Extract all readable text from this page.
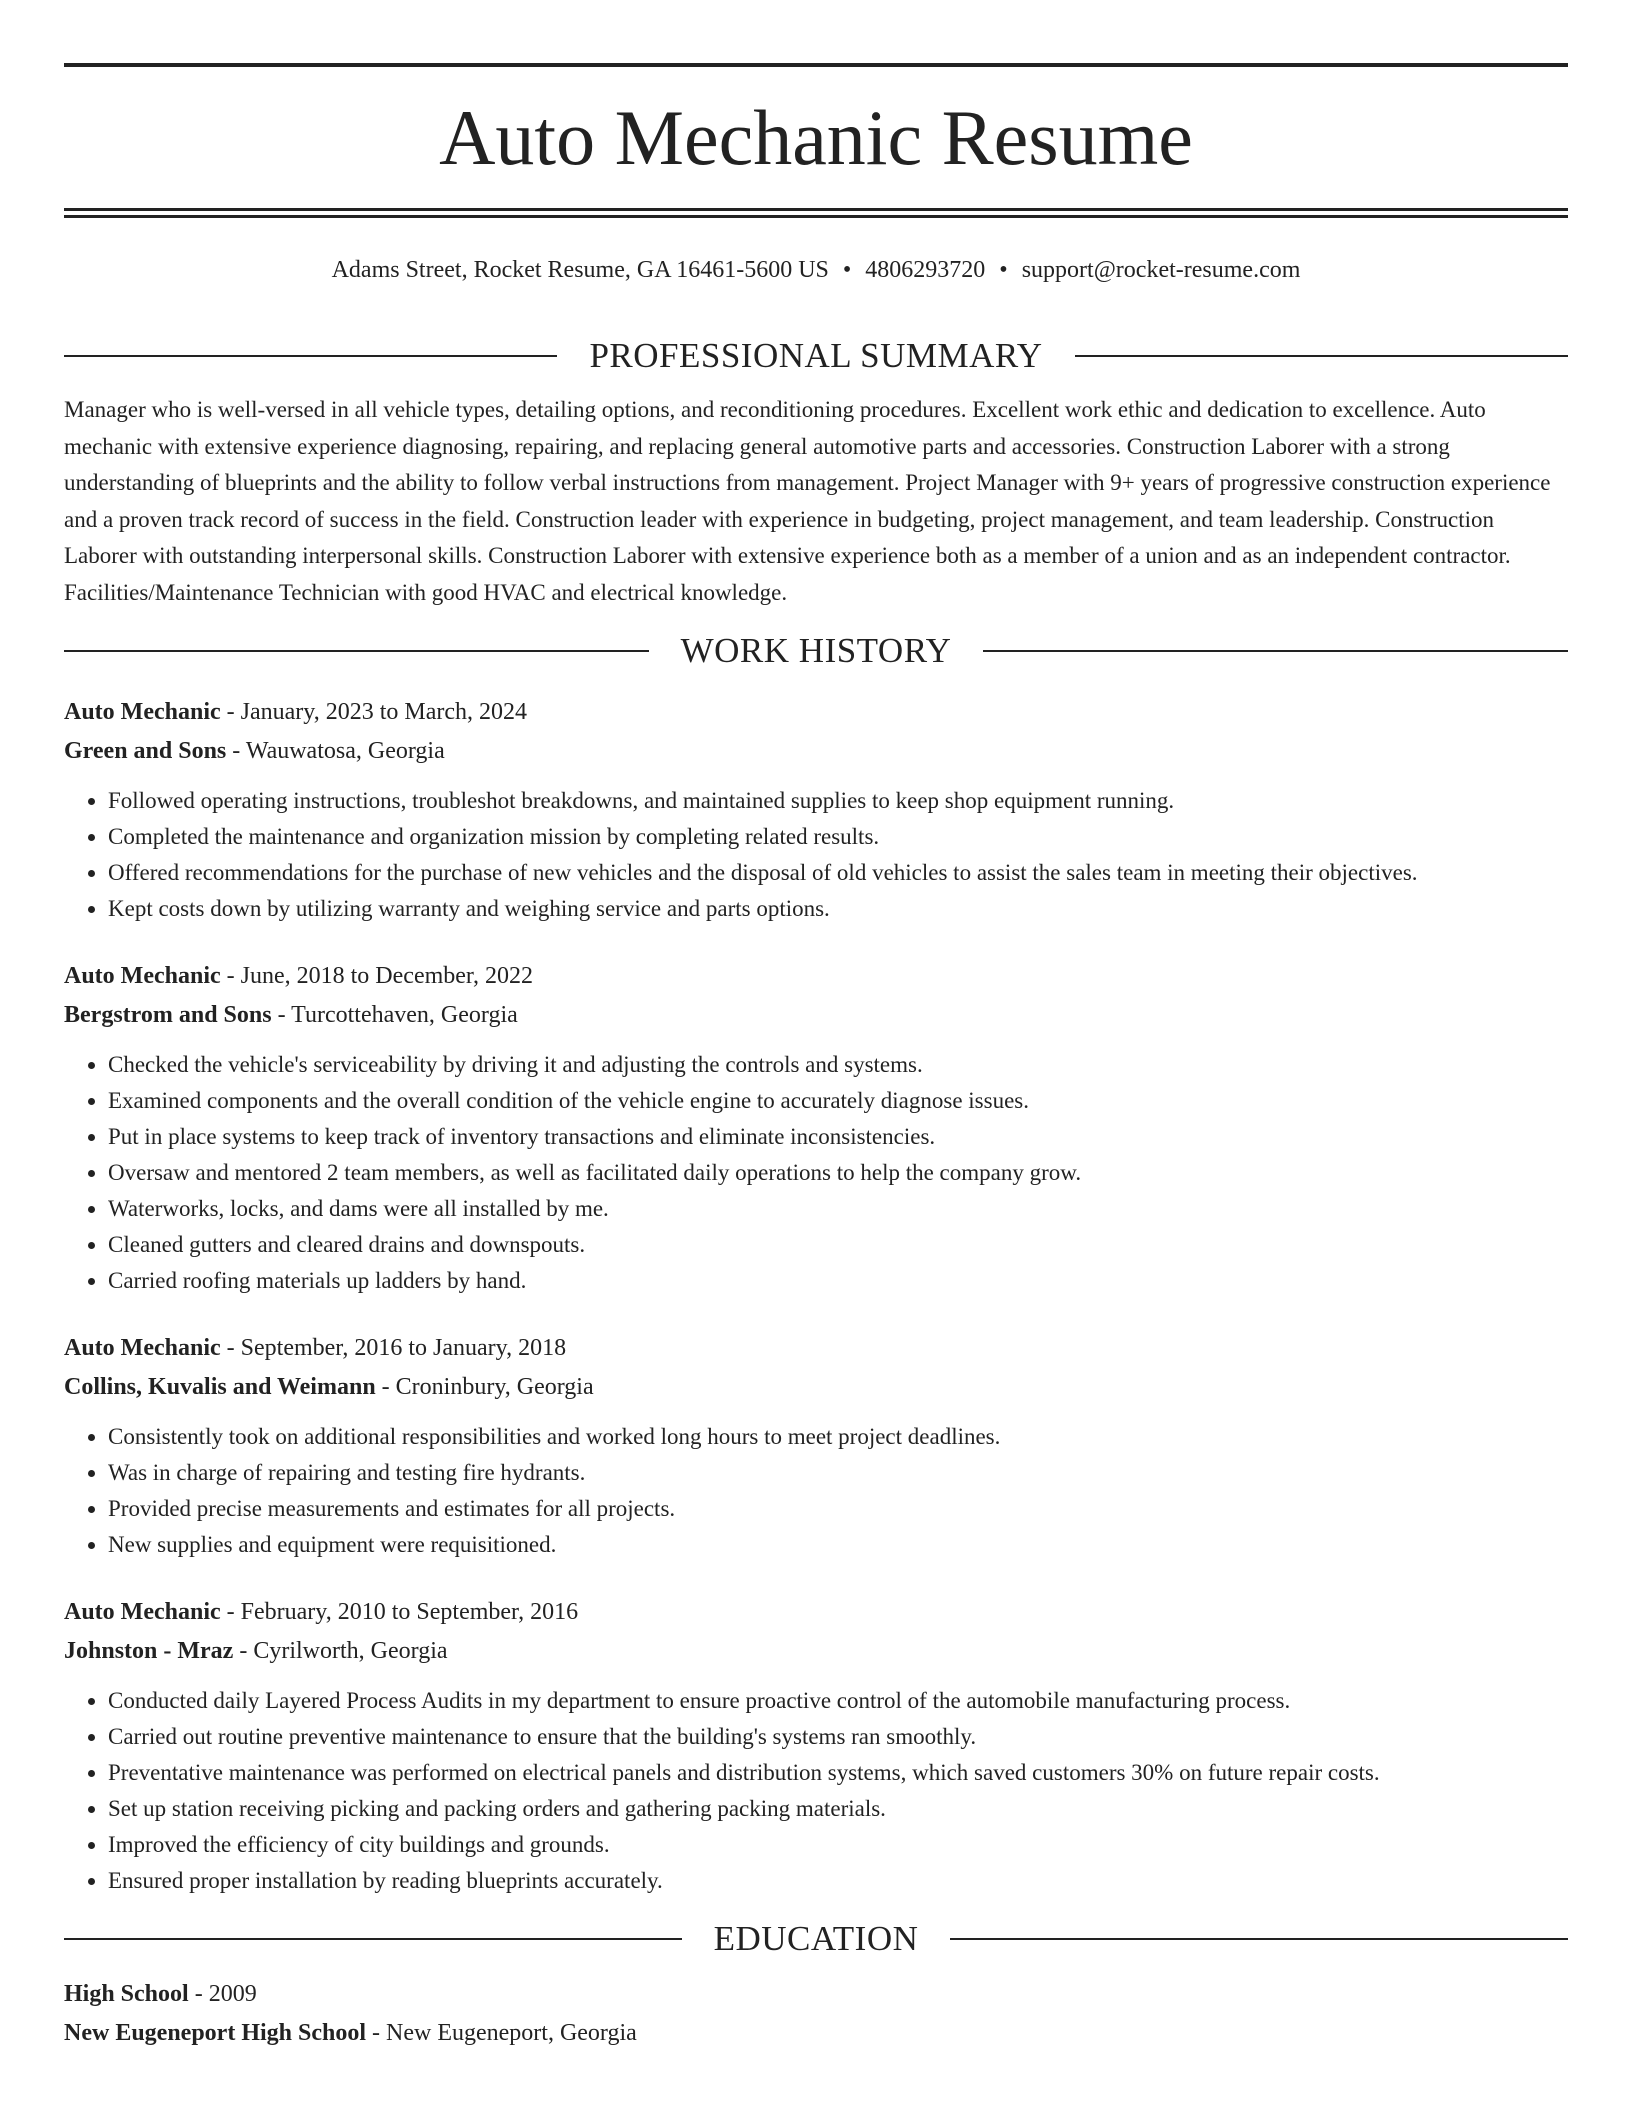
Auto Mechanic Resume
Adams Street, Rocket Resume, GA 16461-5600 US • 4806293720 • support@rocket-resume.com
PROFESSIONAL SUMMARY

Manager who is well-versed in all vehicle types, detailing options, and reconditioning procedures. Excellent work ethic and dedication to excellence. Auto mechanic with extensive experience diagnosing, repairing, and replacing general automotive parts and accessories. Construction Laborer with a strong understanding of blueprints and the ability to follow verbal instructions from management. Project Manager with 9+ years of progressive construction experience and a proven track record of success in the field. Construction leader with experience in budgeting, project management, and team leadership. Construction Laborer with outstanding interpersonal skills. Construction Laborer with extensive experience both as a member of a union and as an independent contractor. Facilities/Maintenance Technician with good HVAC and electrical knowledge.

WORK HISTORY
Auto Mechanic - January, 2023 to March, 2024
Green and Sons - Wauwatosa, Georgia
• Followed operating instructions, troubleshot breakdowns, and maintained supplies to keep shop equipment running.
• Completed the maintenance and organization mission by completing related results.
• Offered recommendations for the purchase of new vehicles and the disposal of old vehicles to assist the sales team in meeting their objectives.
• Kept costs down by utilizing warranty and weighing service and parts options.
Auto Mechanic - June, 2018 to December, 2022
Bergstrom and Sons - Turcottehaven, Georgia
• Checked the vehicle's serviceability by driving it and adjusting the controls and systems.
• Examined components and the overall condition of the vehicle engine to accurately diagnose issues.
• Put in place systems to keep track of inventory transactions and eliminate inconsistencies.
• Oversaw and mentored 2 team members, as well as facilitated daily operations to help the company grow.
• Waterworks, locks, and dams were all installed by me.
• Cleaned gutters and cleared drains and downspouts.
• Carried roofing materials up ladders by hand.
Auto Mechanic - September, 2016 to January, 2018
Collins, Kuvalis and Weimann - Croninbury, Georgia
• Consistently took on additional responsibilities and worked long hours to meet project deadlines.
• Was in charge of repairing and testing fire hydrants.
• Provided precise measurements and estimates for all projects.
• New supplies and equipment were requisitioned.
Auto Mechanic - February, 2010 to September, 2016
Johnston - Mraz - Cyrilworth, Georgia
• Conducted daily Layered Process Audits in my department to ensure proactive control of the automobile manufacturing process.
• Carried out routine preventive maintenance to ensure that the building's systems ran smoothly.
• Preventative maintenance was performed on electrical panels and distribution systems, which saved customers 30% on future repair costs.
• Set up station receiving picking and packing orders and gathering packing materials.
• Improved the efficiency of city buildings and grounds.
• Ensured proper installation by reading blueprints accurately.
EDUCATION
High School - 2009
New Eugeneport High School - New Eugeneport, Georgia
